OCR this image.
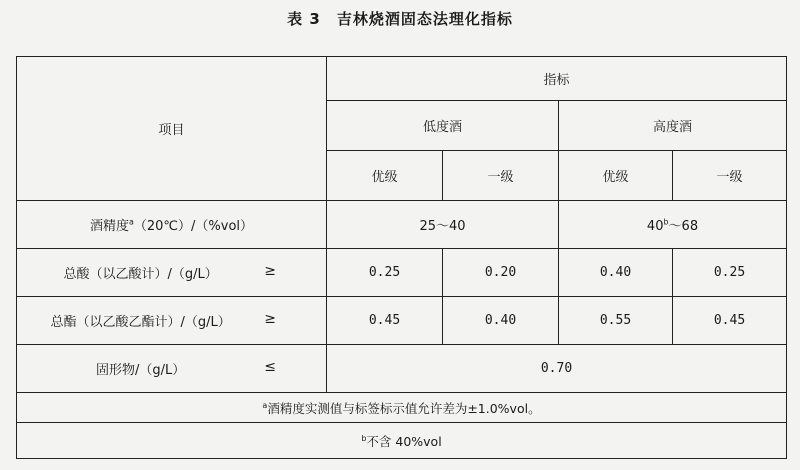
表 3 吉林烧酒固态法理化指标
项目	指标			
	低度酒		高度酒	
	优级	一级	优级	一级
酒精度$^a$（20℃）/（%vol）	25～40		40$^b$～68	
总酸（以乙酸计）/（g/L） ≥	0.25	0.20	0.40	0.25
总酯（以乙酸乙酯计）/（g/L） ≥	0.45	0.40	0.55	0.45
固形物/（g/L） ≤	0.70			
$^a$酒精度实测值与标签标示值允许差为±1.0%vol。				
$^b$不含 40%vol				
